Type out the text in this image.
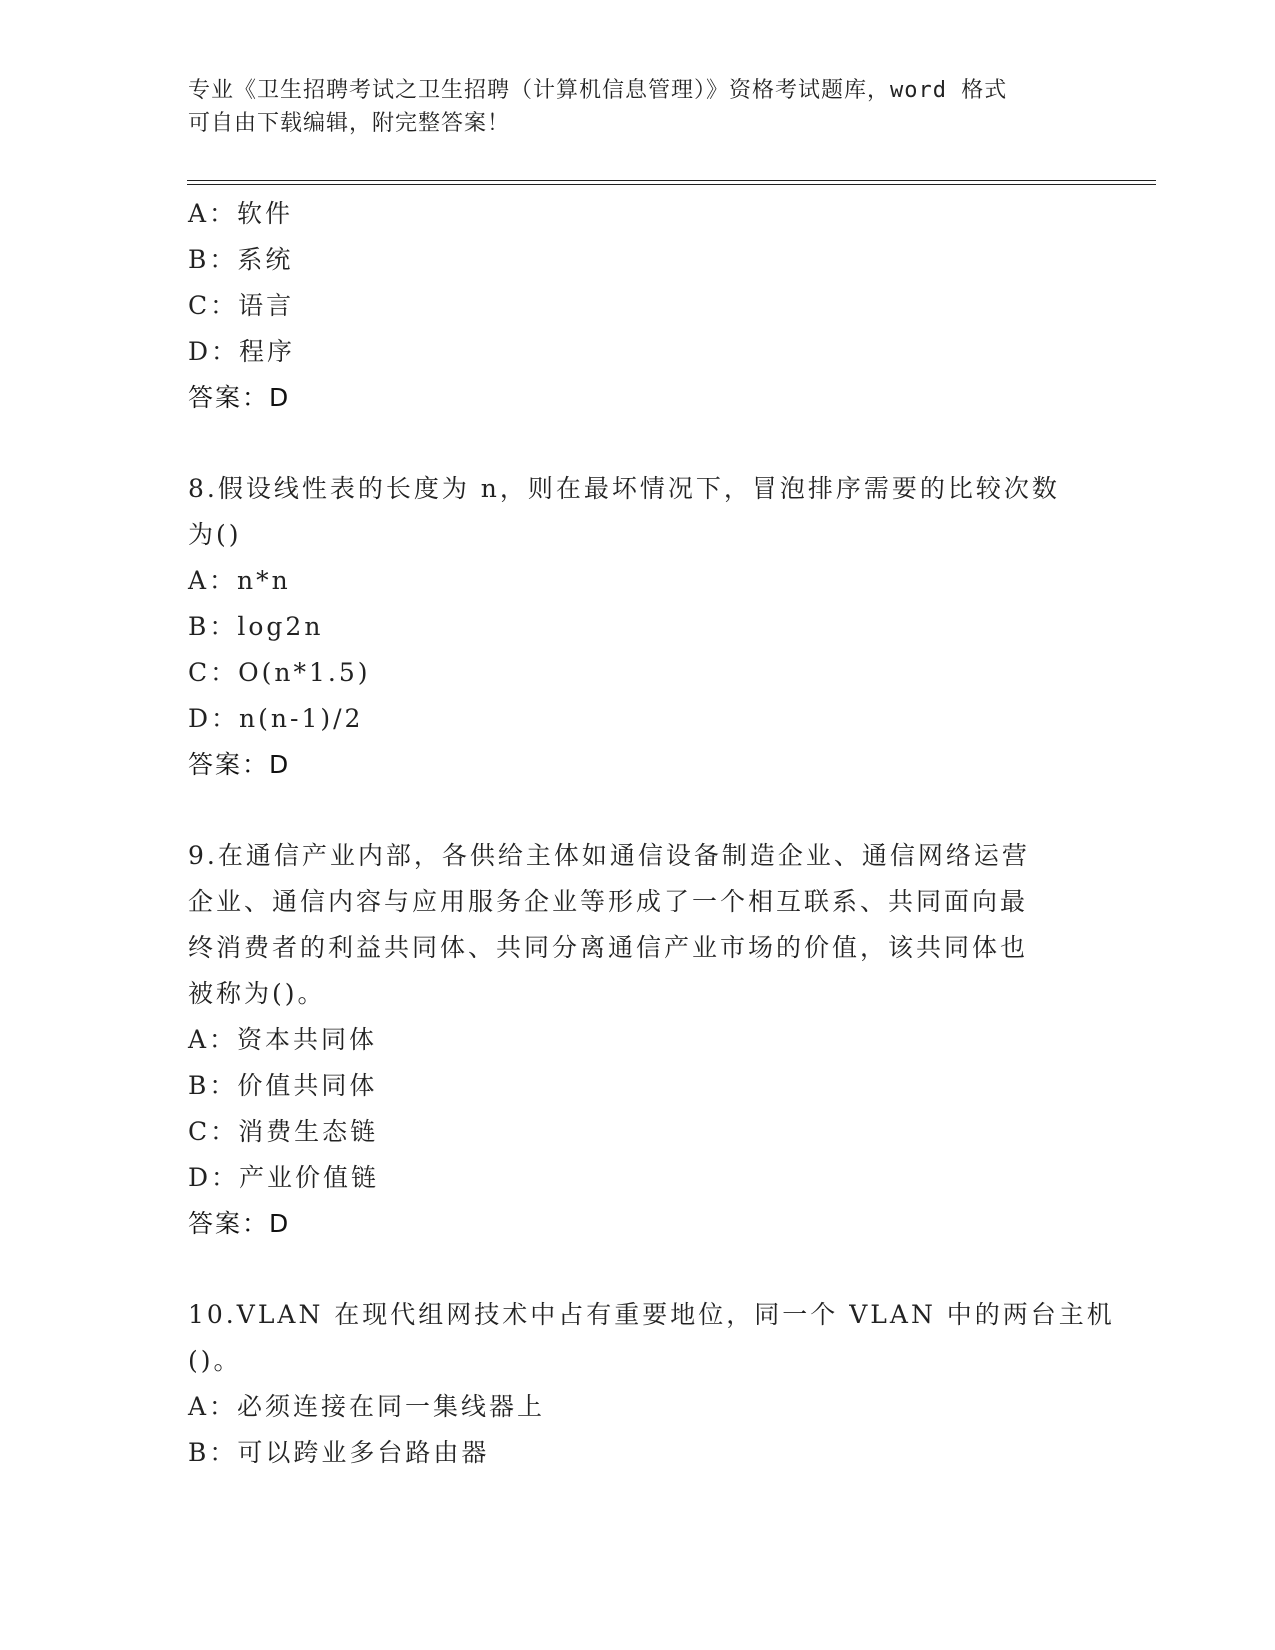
专业《卫生招聘考试之卫生招聘（计算机信息管理）》资格考试题库，word 格式
可自由下载编辑，附完整答案！
A：软件
B：系统
C：语言
D：程序
答案：D
8.假设线性表的长度为 n，则在最坏情况下，冒泡排序需要的比较次数
为()
A：n*n
B：log2n
C：O(n*1.5)
D：n(n-1)/2
答案：D
9.在通信产业内部，各供给主体如通信设备制造企业、通信网络运营
企业、通信内容与应用服务企业等形成了一个相互联系、共同面向最
终消费者的利益共同体、共同分离通信产业市场的价值，该共同体也
被称为()。
A：资本共同体
B：价值共同体
C：消费生态链
D：产业价值链
答案：D
10.VLAN 在现代组网技术中占有重要地位，同一个 VLAN 中的两台主机
()。
A：必须连接在同一集线器上
B：可以跨业多台路由器
